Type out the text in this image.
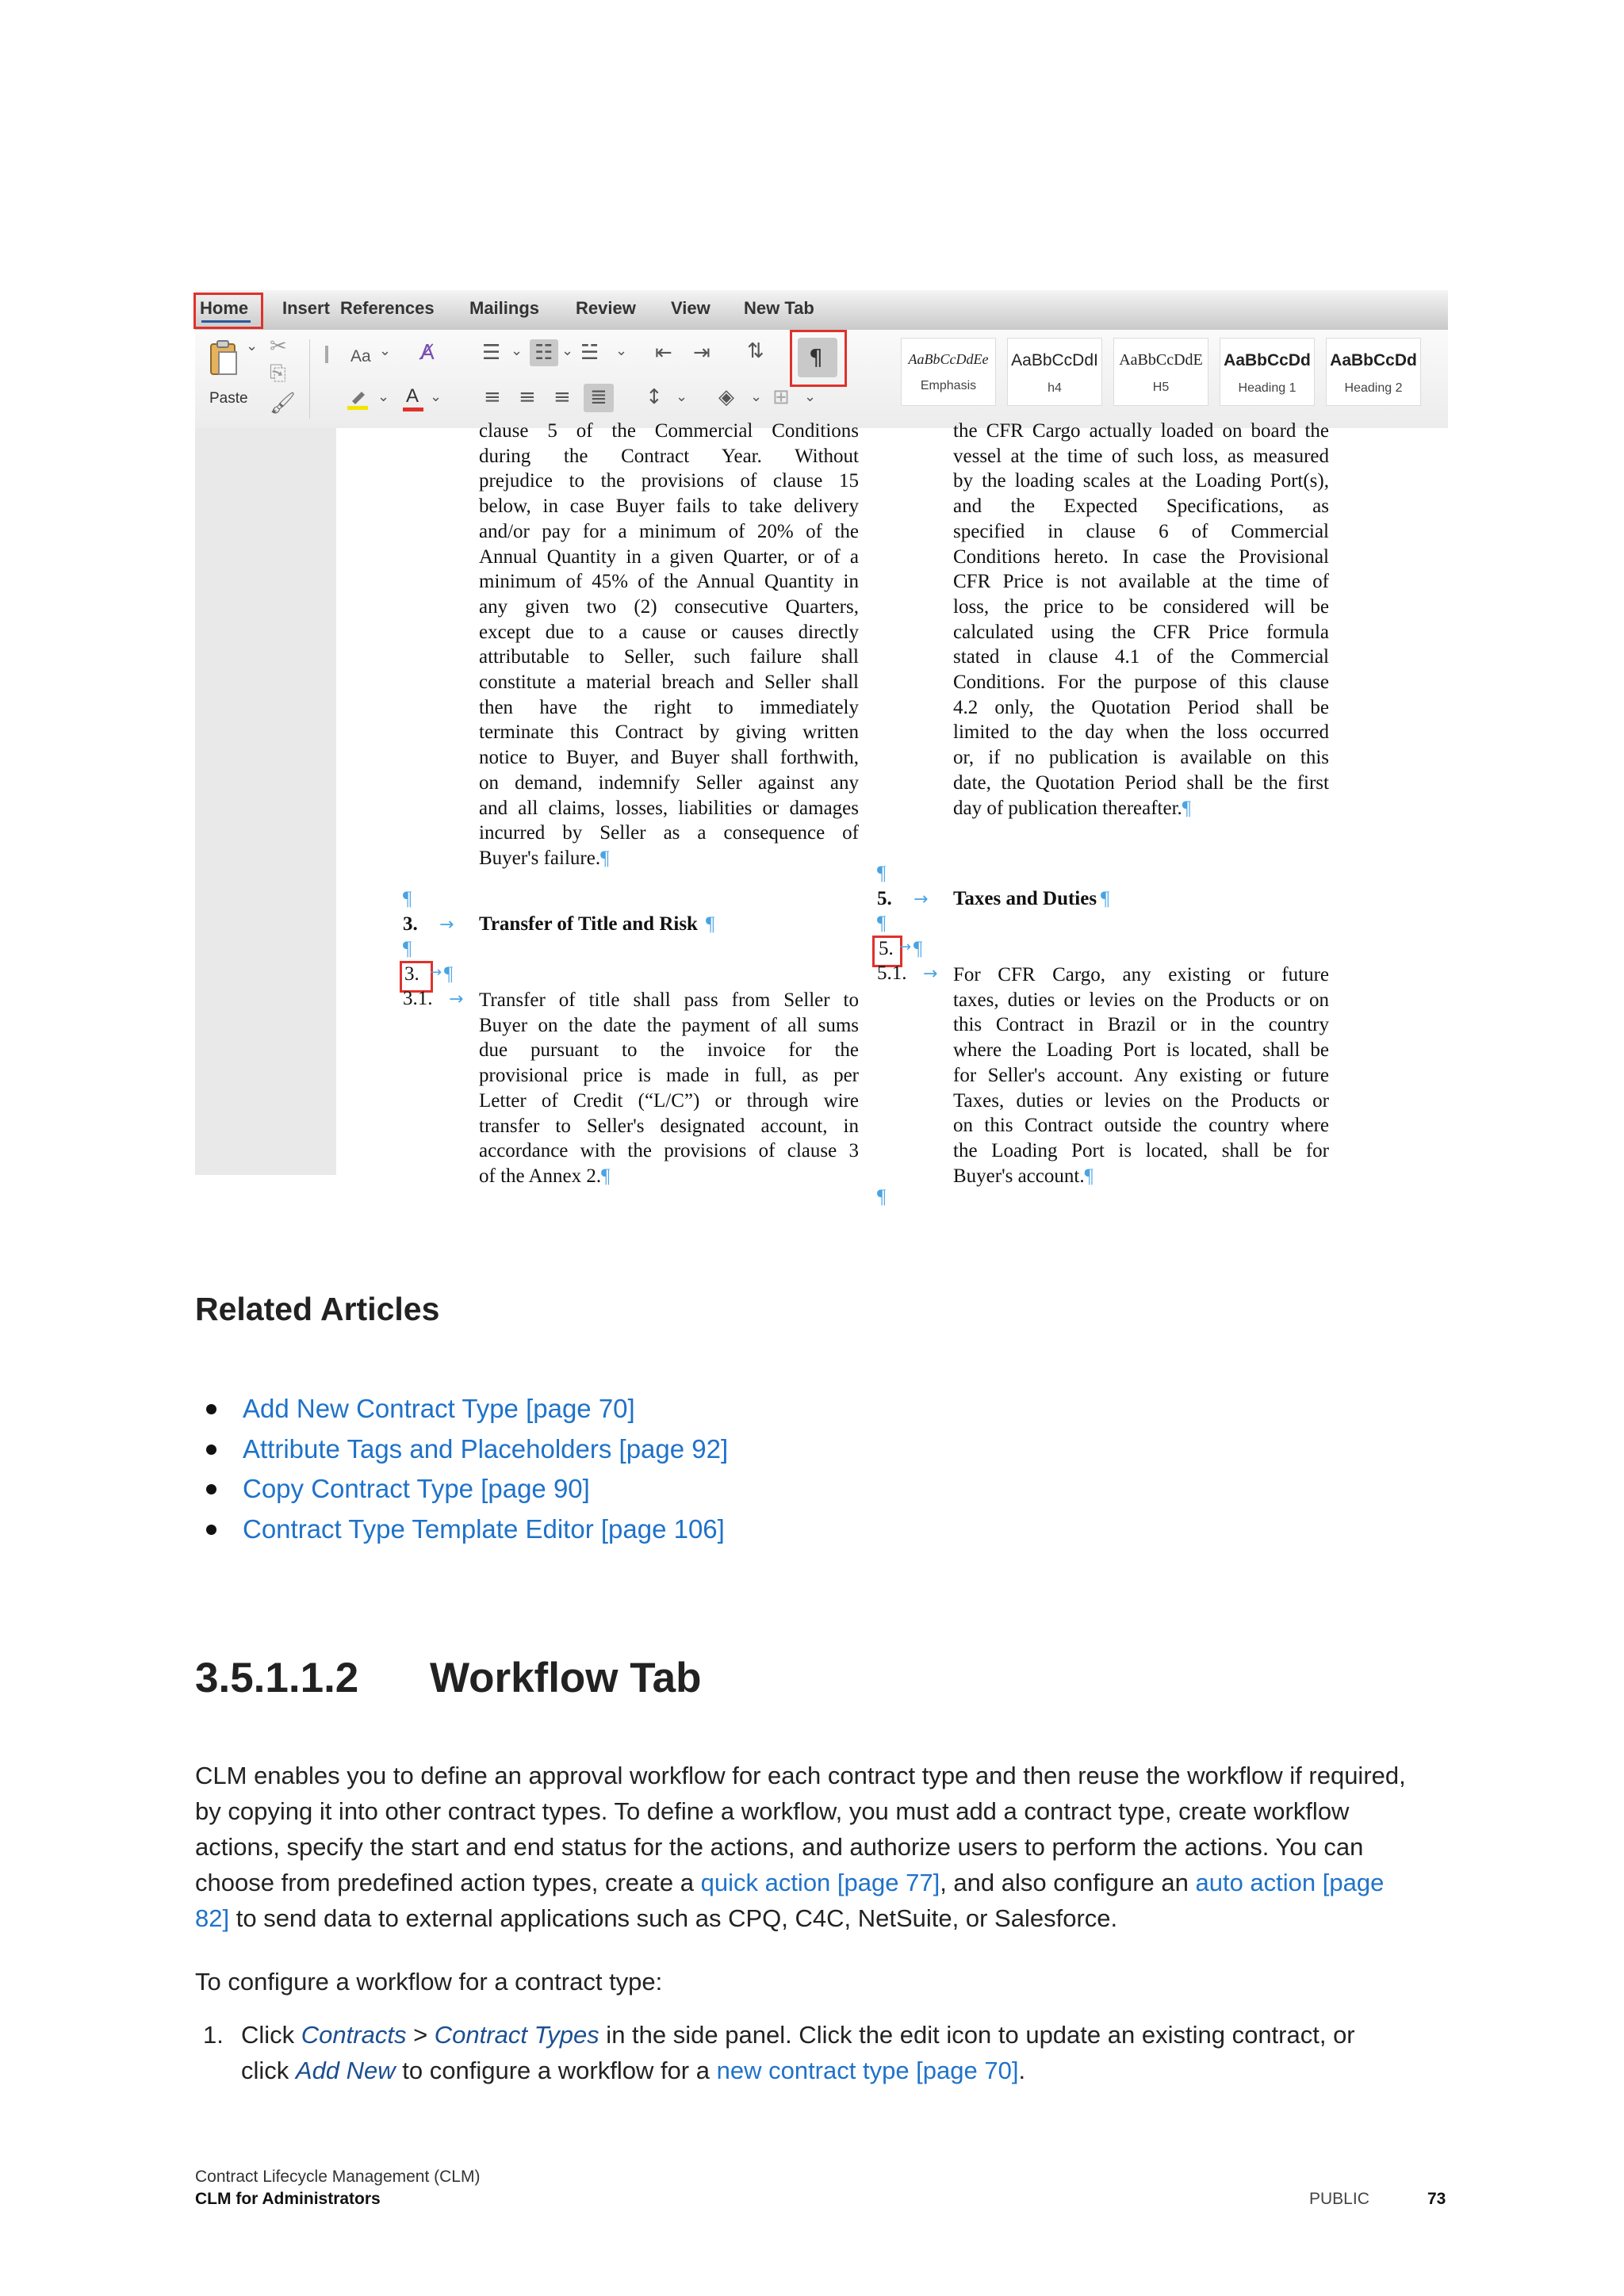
Home Insert References Mailings Review View New Tab
Paste
⌄ ✂
⎘
🖌
Aa ⌄ A̸
⌄ A ⌄
☰ ⌄ ☷ ⌄ ☱ ⌄ ⇤ ⇥ ⇅ ¶
≡ ≡ ≡ ≣ ↕ ⌄ ◈ ⌄ ⊞ ⌄
AaBbCcDdEe
Emphasis
AaBbCcDdI
h4
AaBbCcDdE
H5
AaBbCcDd
Heading 1
AaBbCcDd
Heading 2
clause 5 of the Commercial Conditions
during the Contract Year. Without
prejudice to the provisions of clause 15
below, in case Buyer fails to take delivery
and/or pay for a minimum of 20% of the
Annual Quantity in a given Quarter, or of a
minimum of 45% of the Annual Quantity in
any given two (2) consecutive Quarters,
except due to a cause or causes directly
attributable to Seller, such failure shall
constitute a material breach and Seller shall
then have the right to immediately
terminate this Contract by giving written
notice to Buyer, and Buyer shall forthwith,
on demand, indemnify Seller against any
and all claims, losses, liabilities or damages
incurred by Seller as a consequence of
Buyer's failure.¶
¶
3. → Transfer of Title and Risk ¶
¶
3. → ¶
3.1. → Transfer of title shall pass from Seller to
Buyer on the date the payment of all sums
due pursuant to the invoice for the
provisional price is made in full, as per
Letter of Credit (“L/C”) or through wire
transfer to Seller's designated account, in
accordance with the provisions of clause 3
of the Annex 2.¶
the CFR Cargo actually loaded on board the
vessel at the time of such loss, as measured
by the loading scales at the Loading Port(s),
and the Expected Specifications, as
specified in clause 6 of Commercial
Conditions hereto. In case the Provisional
CFR Price is not available at the time of
loss, the price to be considered will be
calculated using the CFR Price formula
stated in clause 4.1 of the Commercial
Conditions. For the purpose of this clause
4.2 only, the Quotation Period shall be
limited to the day when the loss occurred
or, if no publication is available on this
date, the Quotation Period shall be the first
day of publication thereafter.¶
¶
5. → Taxes and Duties ¶
¶
5. → ¶
5.1. → For CFR Cargo, any existing or future
taxes, duties or levies on the Products or on
this Contract in Brazil or in the country
where the Loading Port is located, shall be
for Seller's account. Any existing or future
Taxes, duties or levies on the Products or
on this Contract outside the country where
the Loading Port is located, shall be for
Buyer's account.¶
¶
Related Articles
Add New Contract Type [page 70]
Attribute Tags and Placeholders [page 92]
Copy Contract Type [page 90]
Contract Type Template Editor [page 106]
3.5.1.1.2 Workflow Tab
CLM enables you to define an approval workflow for each contract type and then reuse the workflow if required,
by copying it into other contract types. To define a workflow, you must add a contract type, create workflow
actions, specify the start and end status for the actions, and authorize users to perform the actions. You can
choose from predefined action types, create a quick action [page 77], and also configure an auto action [page
82] to send data to external applications such as CPQ, C4C, NetSuite, or Salesforce.
To configure a workflow for a contract type:
1. Click Contracts > Contract Types in the side panel. Click the edit icon to update an existing contract, or
click Add New to configure a workflow for a new contract type [page 70].
Contract Lifecycle Management (CLM)
CLM for Administrators	PUBLIC	73
